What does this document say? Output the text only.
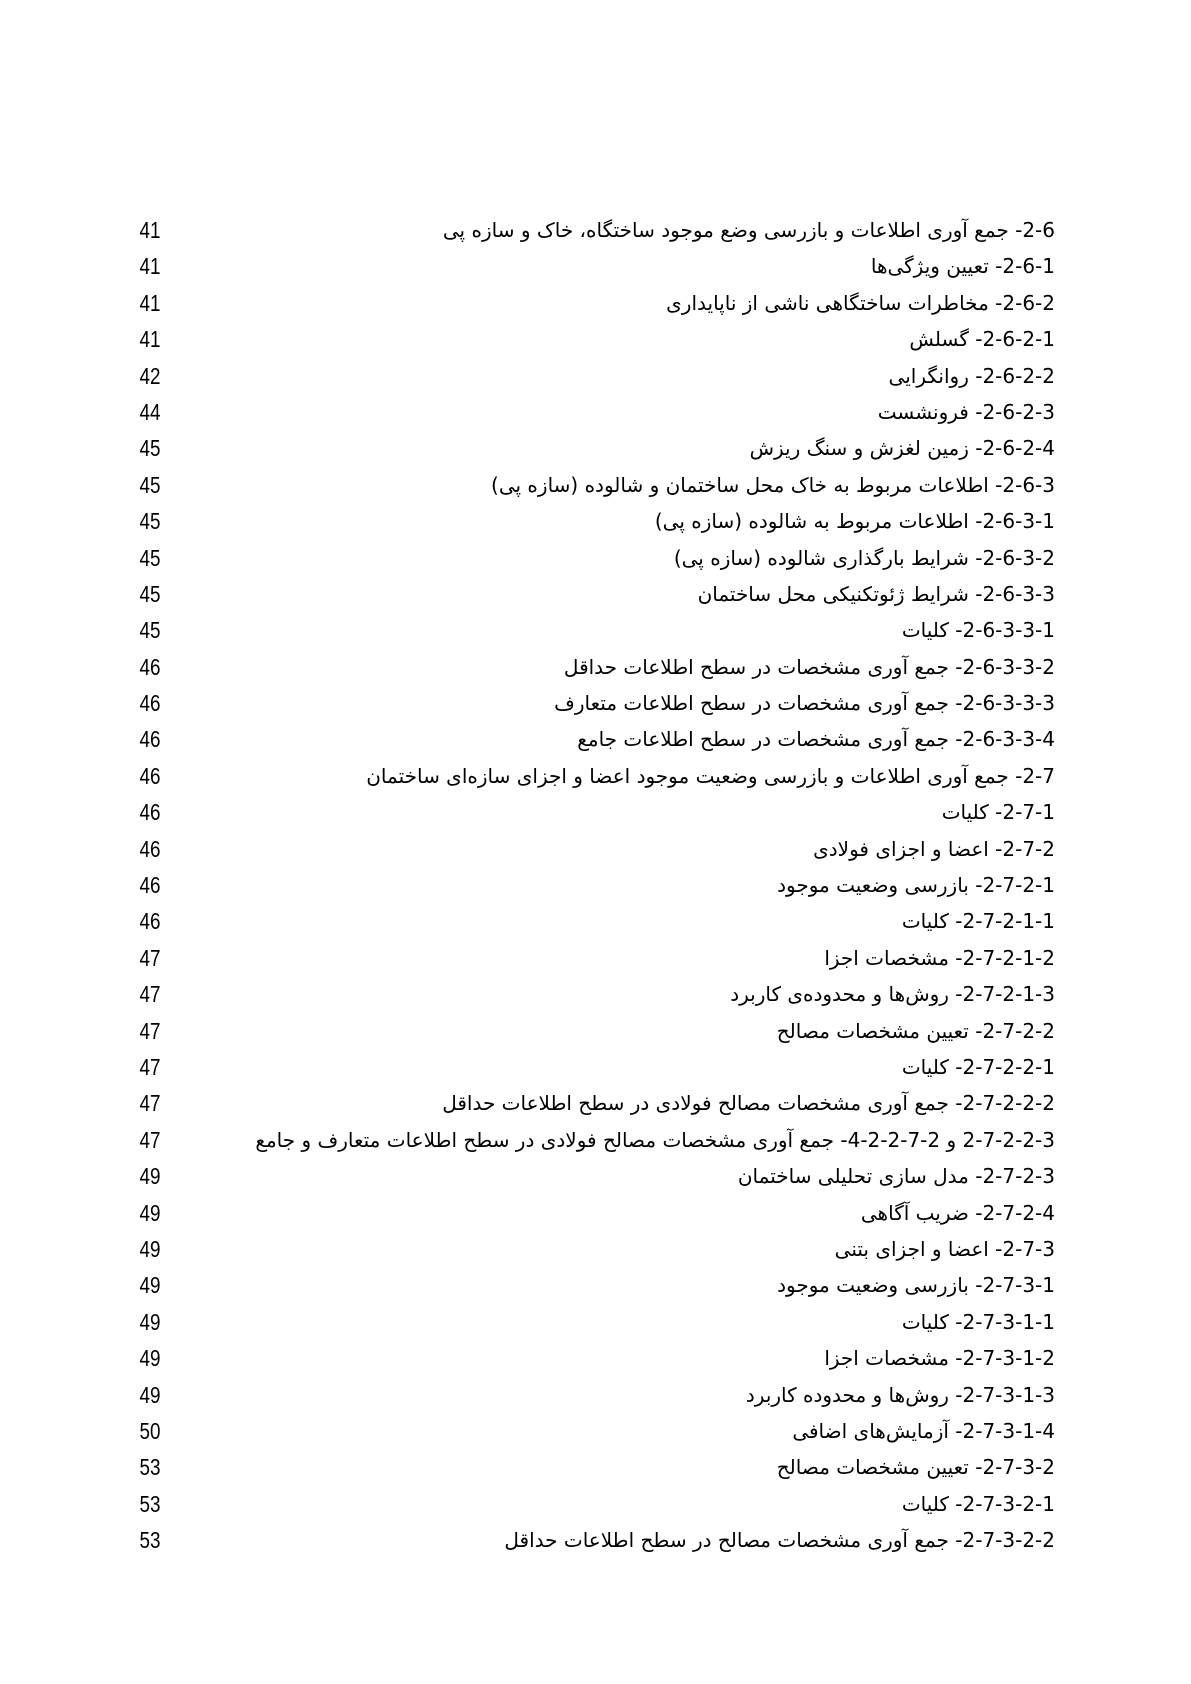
2-6- جمع آوری اطلاعات و بازرسی وضع موجود ساختگاه، خاک و سازه پی
41
2-6-1- تعیین ویژگی‌ها
41
2-6-2- مخاطرات ساختگاهی ناشی از ناپایداری
41
2-6-2-1- گسلش
41
2-6-2-2- روانگرایی
42
2-6-2-3- فرونشست
44
2-6-2-4- زمین لغزش و سنگ ریزش
45
2-6-3- اطلاعات مربوط به خاک محل ساختمان و شالوده (سازه پی)
45
2-6-3-1- اطلاعات مربوط به شالوده (سازه پی)
45
2-6-3-2- شرایط بارگذاری شالوده (سازه پی)
45
2-6-3-3- شرایط ژئوتکنیکی محل ساختمان
45
2-6-3-3-1- کلیات
45
2-6-3-3-2- جمع آوری مشخصات در سطح اطلاعات حداقل
46
2-6-3-3-3- جمع آوری مشخصات در سطح اطلاعات متعارف
46
2-6-3-3-4- جمع آوری مشخصات در سطح اطلاعات جامع
46
2-7- جمع آوری اطلاعات و بازرسی وضعیت موجود اعضا و اجزای سازه‌ای ساختمان
46
2-7-1- کلیات
46
2-7-2- اعضا و اجزای فولادی
46
2-7-2-1- بازرسی وضعیت موجود
46
2-7-2-1-1- کلیات
46
2-7-2-1-2- مشخصات اجزا
47
2-7-2-1-3- روش‌ها و محدوده‌ی کاربرد
47
2-7-2-2- تعیین مشخصات مصالح
47
2-7-2-2-1- کلیات
47
2-7-2-2-2- جمع آوری مشخصات مصالح فولادی در سطح اطلاعات حداقل
47
2-7-2-2-3 و 2-7-2-2-4- جمع آوری مشخصات مصالح فولادی در سطح اطلاعات متعارف و جامع
47
2-7-2-3- مدل سازی تحلیلی ساختمان
49
2-7-2-4- ضریب آگاهی
49
2-7-3- اعضا و اجزای بتنی
49
2-7-3-1- بازرسی وضعیت موجود
49
2-7-3-1-1- کلیات
49
2-7-3-1-2- مشخصات اجزا
49
2-7-3-1-3- روش‌ها و محدوده کاربرد
49
2-7-3-1-4- آزمایش‌های اضافی
50
2-7-3-2- تعیین مشخصات مصالح
53
2-7-3-2-1- کلیات
53
2-7-3-2-2- جمع آوری مشخصات مصالح در سطح اطلاعات حداقل
53
